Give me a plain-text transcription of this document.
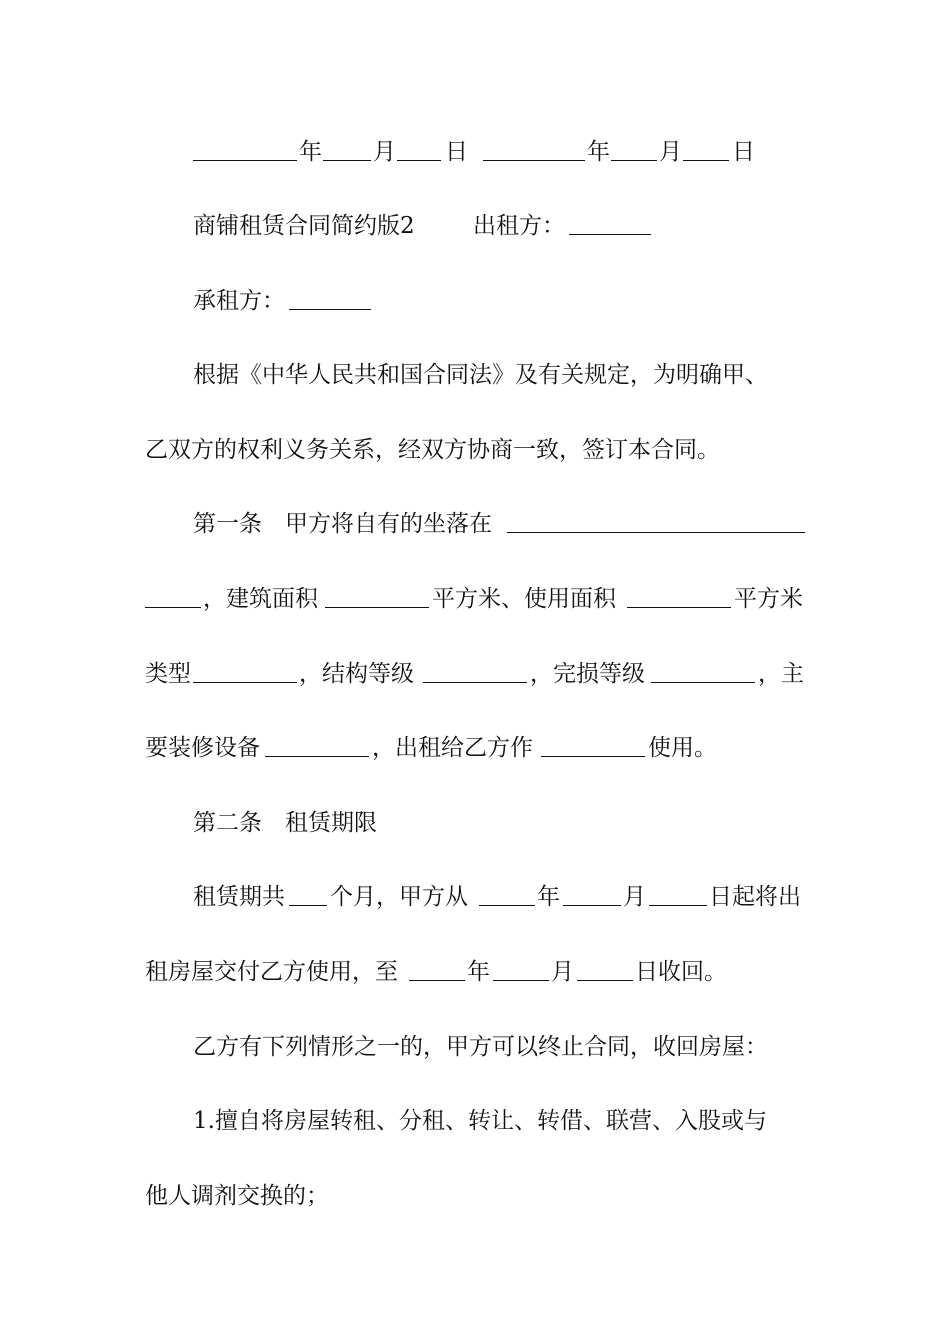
年

月

日

	年

月

日

商铺租赁合同简约版2

	出租方：

承租方：

根据《中华人民共和国合同法》及有关规定，为明确甲、

乙双方的权利义务关系，经双方协商一致，签订本合同。

第一条　甲方将自有的坐落在

，建筑面积

	平方米、使用面积

	平方米

类型

	，结构等级

	，完损等级

	，主

要装修设备

	，出租给乙方作

	使用。

第二条　租赁期限

租赁期共

个月，甲方从

	年

	月

	日起将出

租房屋交付乙方使用，至

	年

	月

	日收回。

乙方有下列情形之一的，甲方可以终止合同，收回房屋：

1.擅自将房屋转租、分租、转让、转借、联营、入股或与

他人调剂交换的；
